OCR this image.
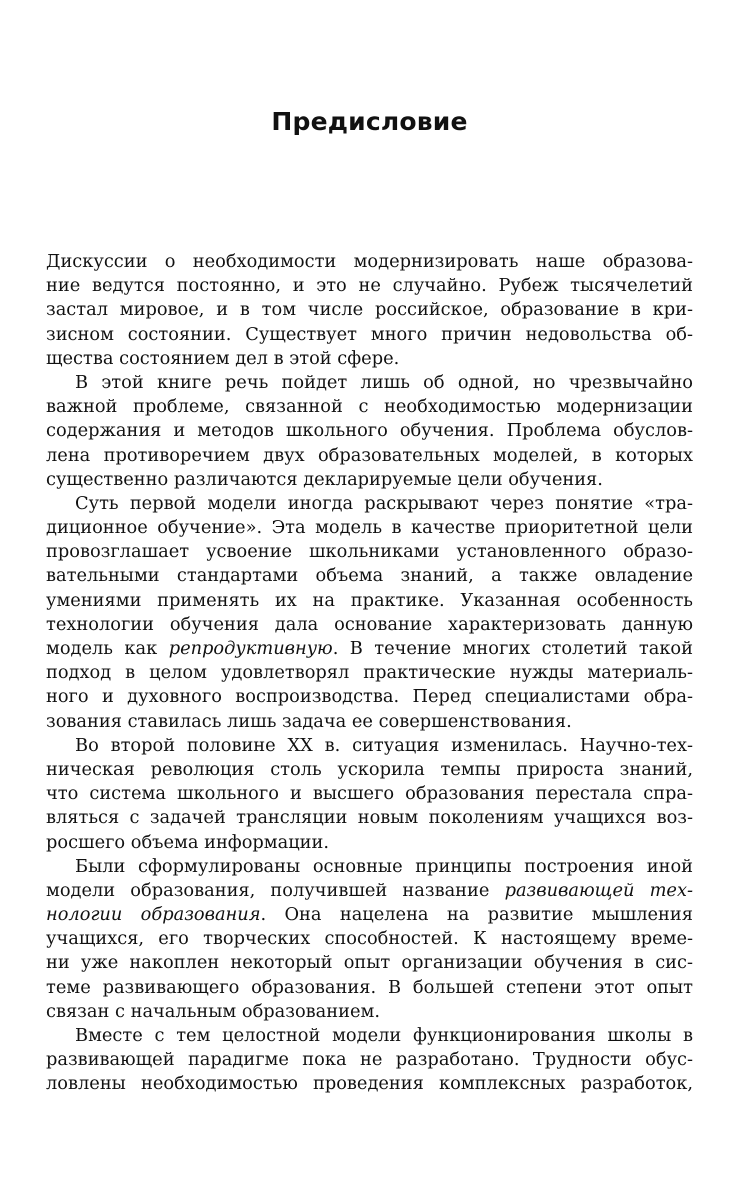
Предисловие
Дискуссии о необходимости модернизировать наше образова-
ние ведутся постоянно, и это не случайно. Рубеж тысячелетий
застал мировое, и в том числе российское, образование в кри-
зисном состоянии. Существует много причин недовольства об-
щества состоянием дел в этой сфере.
В этой книге речь пойдет лишь об одной, но чрезвычайно
важной проблеме, связанной с необходимостью модернизации
содержания и методов школьного обучения. Проблема обуслов-
лена противоречием двух образовательных моделей, в которых
существенно различаются декларируемые цели обучения.
Суть первой модели иногда раскрывают через понятие «тра-
диционное обучение». Эта модель в качестве приоритетной цели
провозглашает усвоение школьниками установленного образо-
вательными стандартами объема знаний, а также овладение
умениями применять их на практике. Указанная особенность
технологии обучения дала основание характеризовать данную
модель как репродуктивную. В течение многих столетий такой
подход в целом удовлетворял практические нужды материаль-
ного и духовного воспроизводства. Перед специалистами обра-
зования ставилась лишь задача ее совершенствования.
Во второй половине XX в. ситуация изменилась. Научно-тех-
ническая революция столь ускорила темпы прироста знаний,
что система школьного и высшего образования перестала спра-
вляться с задачей трансляции новым поколениям учащихся воз-
росшего объема информации.
Были сформулированы основные принципы построения иной
модели образования, получившей название развивающей тех-
нологии образования. Она нацелена на развитие мышления
учащихся, его творческих способностей. К настоящему време-
ни уже накоплен некоторый опыт организации обучения в сис-
теме развивающего образования. В большей степени этот опыт
связан с начальным образованием.
Вместе с тем целостной модели функционирования школы в
развивающей парадигме пока не разработано. Трудности обус-
ловлены необходимостью проведения комплексных разработок,
